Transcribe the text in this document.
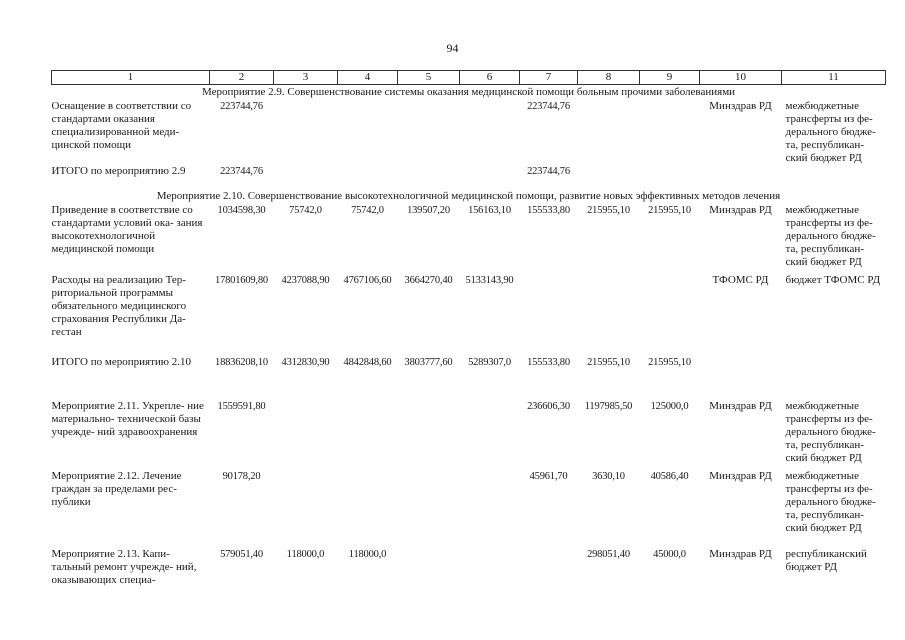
94
1	2	3	4	5	6	7	8	9	10	11
Мероприятие 2.9. Совершенствование системы оказания медицинской помощи больным прочими заболеваниями										
Оснащение в соответствии со стандартами оказания специализированной меди- цинской помощи	223744,76					223744,76			Минздрав РД	межбюджетные трансферты из фе- дерального бюдже- та, республикан- ский бюджет РД
ИТОГО по мероприятию 2.9	223744,76					223744,76				
Мероприятие 2.10. Совершенствование высокотехнологичной медицинской помощи, развитие новых эффективных методов лечения										
Приведение в соответствие со стандартами условий ока- зания высокотехнологичной медицинской помощи	1034598,30	75742,0	75742,0	139507,20	156163,10	155533,80	215955,10	215955,10	Минздрав РД	межбюджетные трансферты из фе- дерального бюдже- та, республикан- ский бюджет РД
Расходы на реализацию Тер- риториальной программы обязательного медицинского страхования Республики Да- гестан	17801609,80	4237088,90	4767106,60	3664270,40	5133143,90				ТФОМС РД	бюджет ТФОМС РД
ИТОГО по мероприятию 2.10	18836208,10	4312830,90	4842848,60	3803777,60	5289307,0	155533,80	215955,10	215955,10		
Мероприятие 2.11. Укрепле- ние материально- технической базы учрежде- ний здравоохранения	1559591,80					236606,30	1197985,50	125000,0	Минздрав РД	межбюджетные трансферты из фе- дерального бюдже- та, республикан- ский бюджет РД
Мероприятие 2.12. Лечение граждан за пределами рес- публики	90178,20					45961,70	3630,10	40586,40	Минздрав РД	межбюджетные трансферты из фе- дерального бюдже- та, республикан- ский бюджет РД
Мероприятие 2.13. Капи- тальный ремонт учрежде- ний, оказывающих специа-	579051,40	118000,0	118000,0				298051,40	45000,0	Минздрав РД	республиканский бюджет РД
